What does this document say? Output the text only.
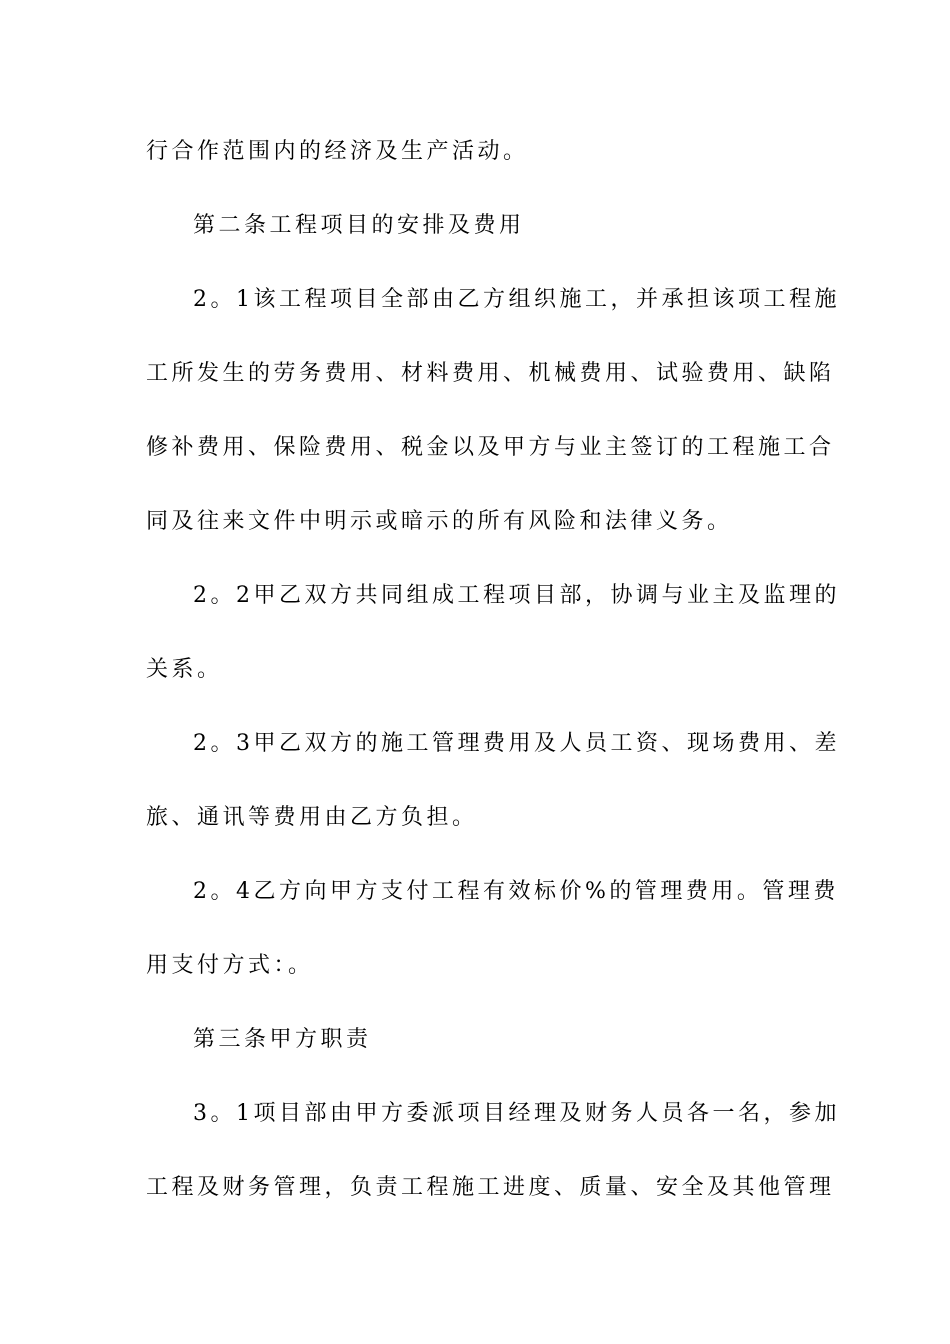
行合作范围内的经济及生产活动。
第二条工程项目的安排及费用
2。1该工程项目全部由乙方组织施工，并承担该项工程施
工所发生的劳务费用、材料费用、机械费用、试验费用、缺陷
修补费用、保险费用、税金以及甲方与业主签订的工程施工合
同及往来文件中明示或暗示的所有风险和法律义务。
2。2甲乙双方共同组成工程项目部，协调与业主及监理的
关系。
2。3甲乙双方的施工管理费用及人员工资、现场费用、差
旅、通讯等费用由乙方负担。
2。4乙方向甲方支付工程有效标价%的管理费用。管理费
用支付方式：。
第三条甲方职责
3。1项目部由甲方委派项目经理及财务人员各一名，参加
工程及财务管理，负责工程施工进度、质量、安全及其他管理
